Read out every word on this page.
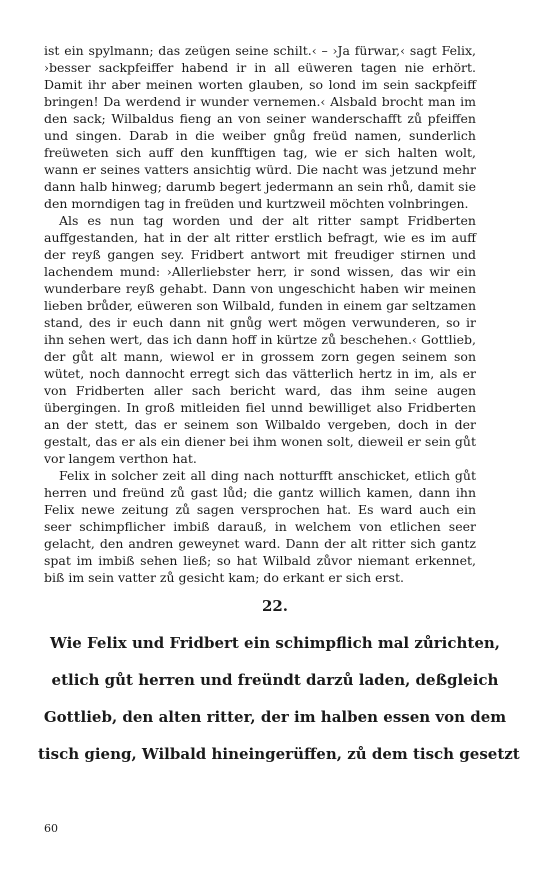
ist ein spylmann; das zeügen seine schilt.‹ – ›Ja fürwar,‹ sagt Felix, ›besser sackpfeiffer habend ir in all eüweren tagen nie erhört. Damit ihr aber meinen worten glauben, so lond im sein sackpfeiff bringen! Da werdend ir wunder vernemen.‹ Alsbald brocht man im den sack; Wilbaldus fieng an von seiner wanderschafft zů pfeiffen und singen. Darab in die weiber gnůg freüd namen, sunderlich freüweten sich auff den kunfftigen tag, wie er sich halten wolt, wann er seines vatters ansichtig würd. Die nacht was jetzund mehr dann halb hinweg; darumb begert jedermann an sein rhů, damit sie den morndigen tag in freüden und kurtzweil möchten volnbringen.

Als es nun tag worden und der alt ritter sampt Fridberten auffgestanden, hat in der alt ritter erstlich befragt, wie es im auff der reyß gangen sey. Fridbert antwort mit freudiger stirnen und lachendem mund: ›Allerliebster herr, ir sond wissen, das wir ein wunderbare reyß gehabt. Dann von ungeschicht haben wir meinen lieben brůder, eüweren son Wilbald, funden in einem gar seltzamen stand, des ir euch dann nit gnůg wert mögen verwunderen, so ir ihn sehen wert, das ich dann hoff in kürtze zů beschehen.‹ Gottlieb, der gůt alt mann, wiewol er in grossem zorn gegen seinem son wütet, noch dannocht erregt sich das vätterlich hertz in im, als er von Fridberten aller sach bericht ward, das ihm seine augen übergingen. In groß mitleiden fiel unnd bewilliget also Fridberten an der stett, das er seinem son Wilbaldo vergeben, doch in der gestalt, das er als ein diener bei ihm wonen solt, dieweil er sein gůt vor langem verthon hat.

Felix in solcher zeit all ding nach notturfft anschicket, etlich gůt herren und freünd zů gast lůd; die gantz willich kamen, dann ihn Felix newe zeitung zů sagen versprochen hat. Es ward auch ein seer schimpflicher imbiß darauß, in welchem von etlichen seer gelacht, den andren geweynet ward. Dann der alt ritter sich gantz spat im imbiß sehen ließ; so hat Wilbald zůvor niemant erkennet, biß im sein vatter zů gesicht kam; do erkant er sich erst.

22.
Wie Felix und Fridbert ein schimpflich mal zůrichten,
etlich gůt herren und freündt darzů laden, deßgleich
Gottlieb, den alten ritter, der im halben essen von dem
tisch gieng, Wilbald hineingerüffen, zů dem tisch gesetzt
60
